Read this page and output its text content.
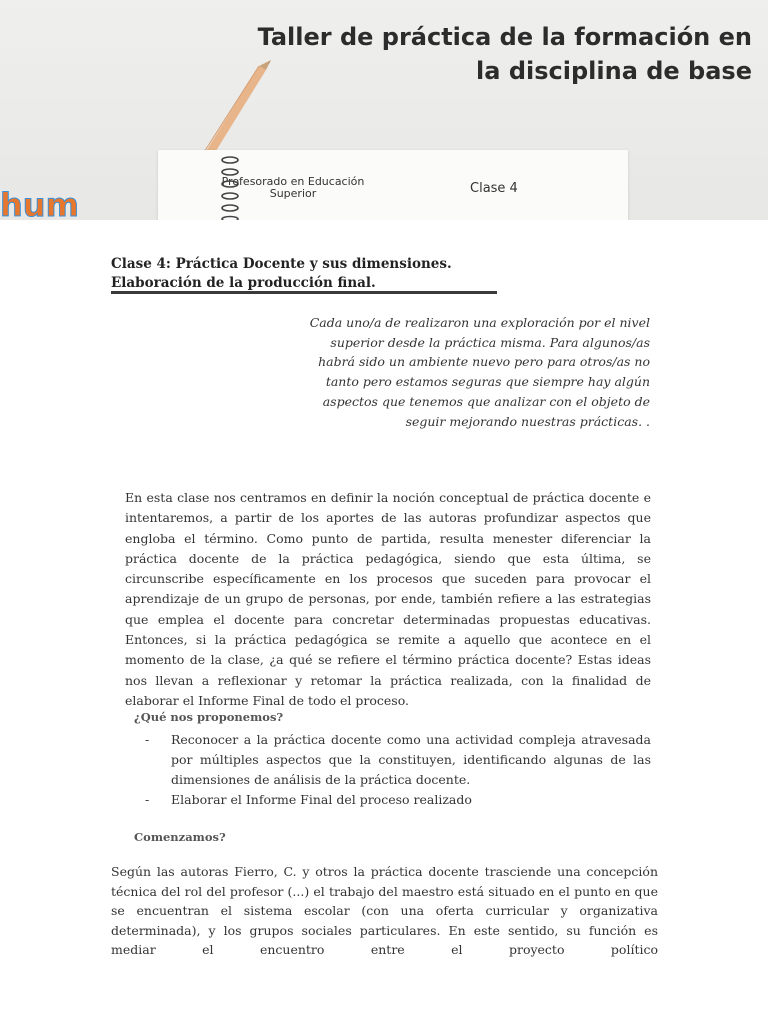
Profesorado en Educación
Superior	Clase 4
Taller de práctica de la formación en
la disciplina de base
hum
Clase 4: Práctica Docente y sus dimensiones.
Elaboración de la producción final.
Cada uno/a de realizaron una exploración por el nivel superior desde la práctica misma. Para algunos/as habrá sido un ambiente nuevo pero para otros/as no tanto pero estamos seguras que siempre hay algún aspectos que tenemos que analizar con el objeto de seguir mejorando nuestras prácticas. .
En esta clase nos centramos en definir la noción conceptual de práctica docente e intentaremos, a partir de los aportes de las autoras profundizar aspectos que engloba el término. Como punto de partida, resulta menester diferenciar la práctica docente de la práctica pedagógica, siendo que esta última, se circunscribe específicamente en los procesos que suceden para provocar el aprendizaje de un grupo de personas, por ende, también refiere a las estrategias que emplea el docente para concretar determinadas propuestas educativas. Entonces, si la práctica pedagógica se remite a aquello que acontece en el momento de la clase, ¿a qué se refiere el término práctica docente? Estas ideas nos llevan a reflexionar y retomar la práctica realizada, con la finalidad de elaborar el Informe Final de todo el proceso.
¿Qué nos proponemos?
- Reconocer a la práctica docente como una actividad compleja atravesada por múltiples aspectos que la constituyen, identificando algunas de las dimensiones de análisis de la práctica docente.
- Elaborar el Informe Final del proceso realizado
Comenzamos?
Según las autoras Fierro, C. y otros la práctica docente trasciende una concepción técnica del rol del profesor (...) el trabajo del maestro está situado en el punto en que se encuentran el sistema escolar (con una oferta curricular y organizativa determinada), y los grupos sociales particulares. En este sentido, su función es mediar el encuentro entre el proyecto político
